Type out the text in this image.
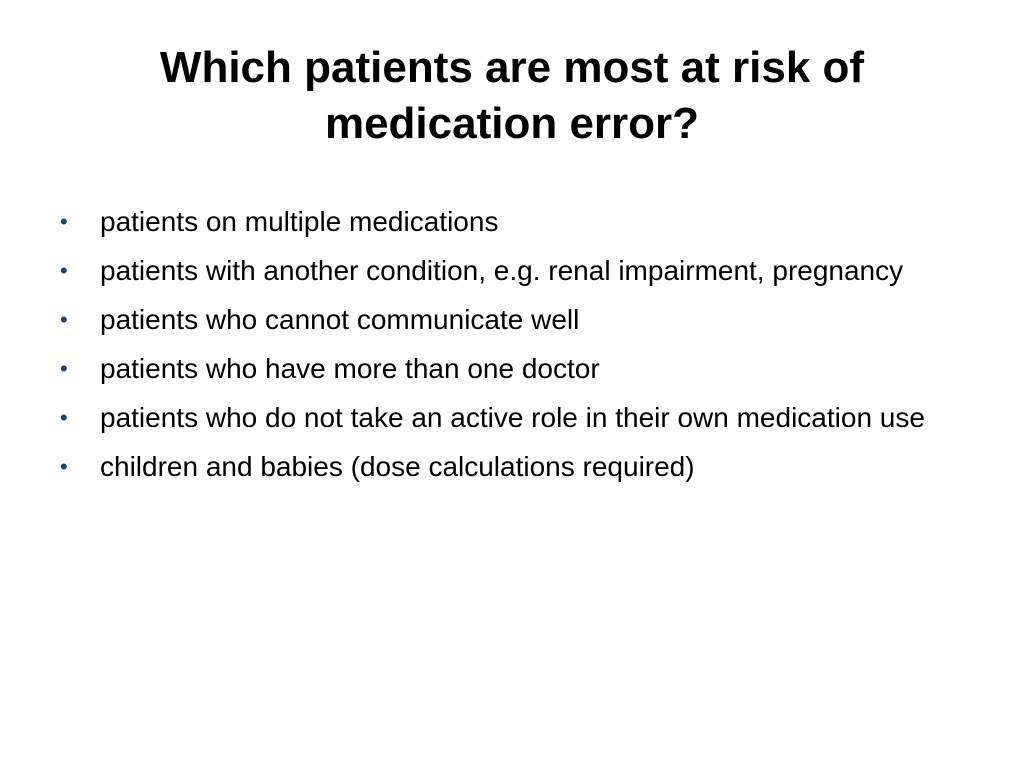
Which patients are most at risk of medication error?
• patients on multiple medications
• patients with another condition, e.g. renal impairment, pregnancy
• patients who cannot communicate well
• patients who have more than one doctor
• patients who do not take an active role in their own medication use
• children and babies (dose calculations required)
